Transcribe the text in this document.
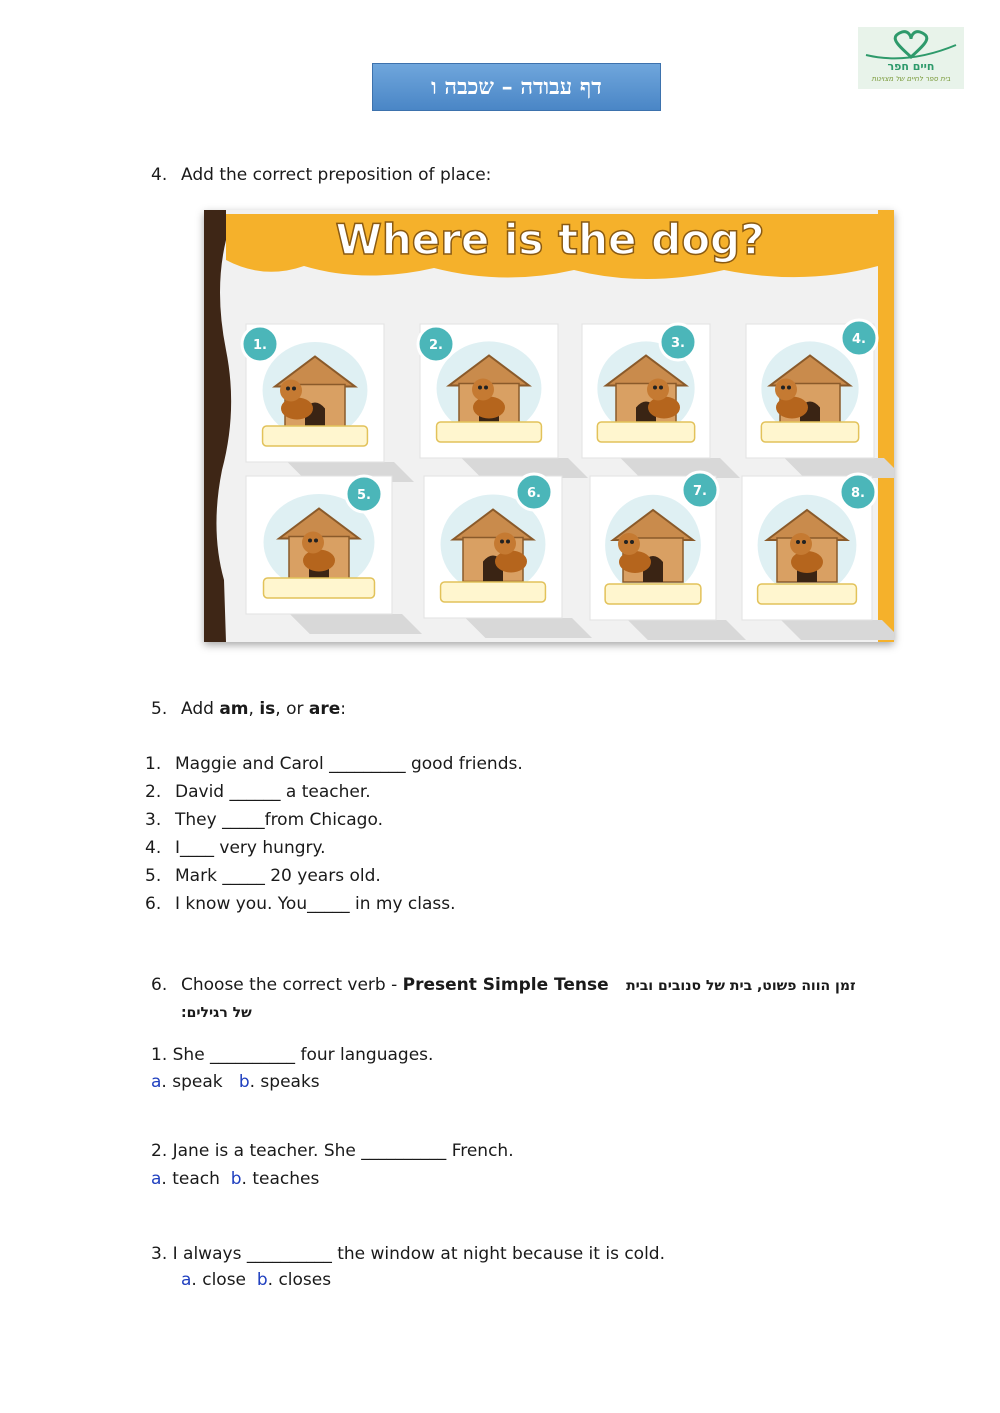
דף עבודה – שכבה ו
חיים חפר
בית ספר לחיים של מצוינות
4. Add the correct preposition of place:
Where is the dog?
1.	2.	3.	4.
5.	6.	7.	8.
5. Add am, is, or are:
1. Maggie and Carol _________ good friends.
2. David ______ a teacher.
3. They _____from Chicago.
4. I____ very hungry.
5. Mark _____ 20 years old.
6. I know you. You_____ in my class.
6. Choose the correct verb - Present Simple Tense זמן הווה פשוט, בית של סנובים ובית
של רגילים:
1. She __________ four languages.
a. speak b. speaks
2. Jane is a teacher. She __________ French.
a. teach b. teaches
3. I always __________ the window at night because it is cold.
a. close b. closes
